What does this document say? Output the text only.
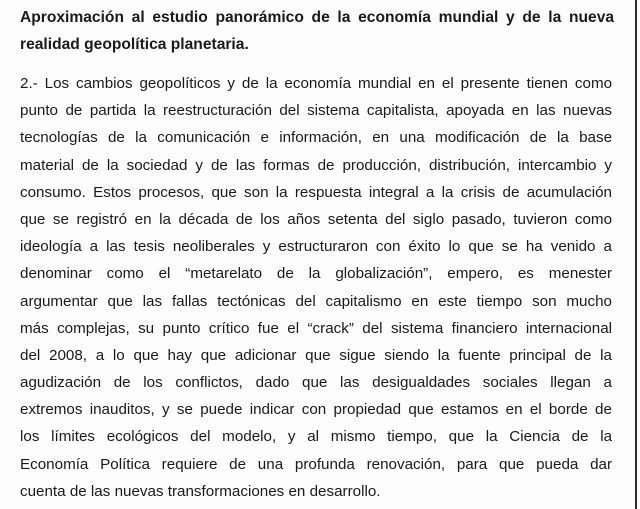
Aproximación al estudio panorámico de la economía mundial y de la nueva
realidad geopolítica planetaria.

2.- Los cambios geopolíticos y de la economía mundial en el presente tienen como
punto de partida la reestructuración del sistema capitalista, apoyada en las nuevas
tecnologías de la comunicación e información, en una modificación de la base
material de la sociedad y de las formas de producción, distribución, intercambio y
consumo. Estos procesos, que son la respuesta integral a la crisis de acumulación
que se registró en la década de los años setenta del siglo pasado, tuvieron como
ideología a las tesis neoliberales y estructuraron con éxito lo que se ha venido a
denominar como el “metarelato de la globalización”, empero, es menester
argumentar que las fallas tectónicas del capitalismo en este tiempo son mucho
más complejas, su punto crítico fue el “crack” del sistema financiero internacional
del 2008, a lo que hay que adicionar que sigue siendo la fuente principal de la
agudización de los conflictos, dado que las desigualdades sociales llegan a
extremos inauditos, y se puede indicar con propiedad que estamos en el borde de
los límites ecológicos del modelo, y al mismo tiempo, que la Ciencia de la
Economía Política requiere de una profunda renovación, para que pueda dar
cuenta de las nuevas transformaciones en desarrollo.
